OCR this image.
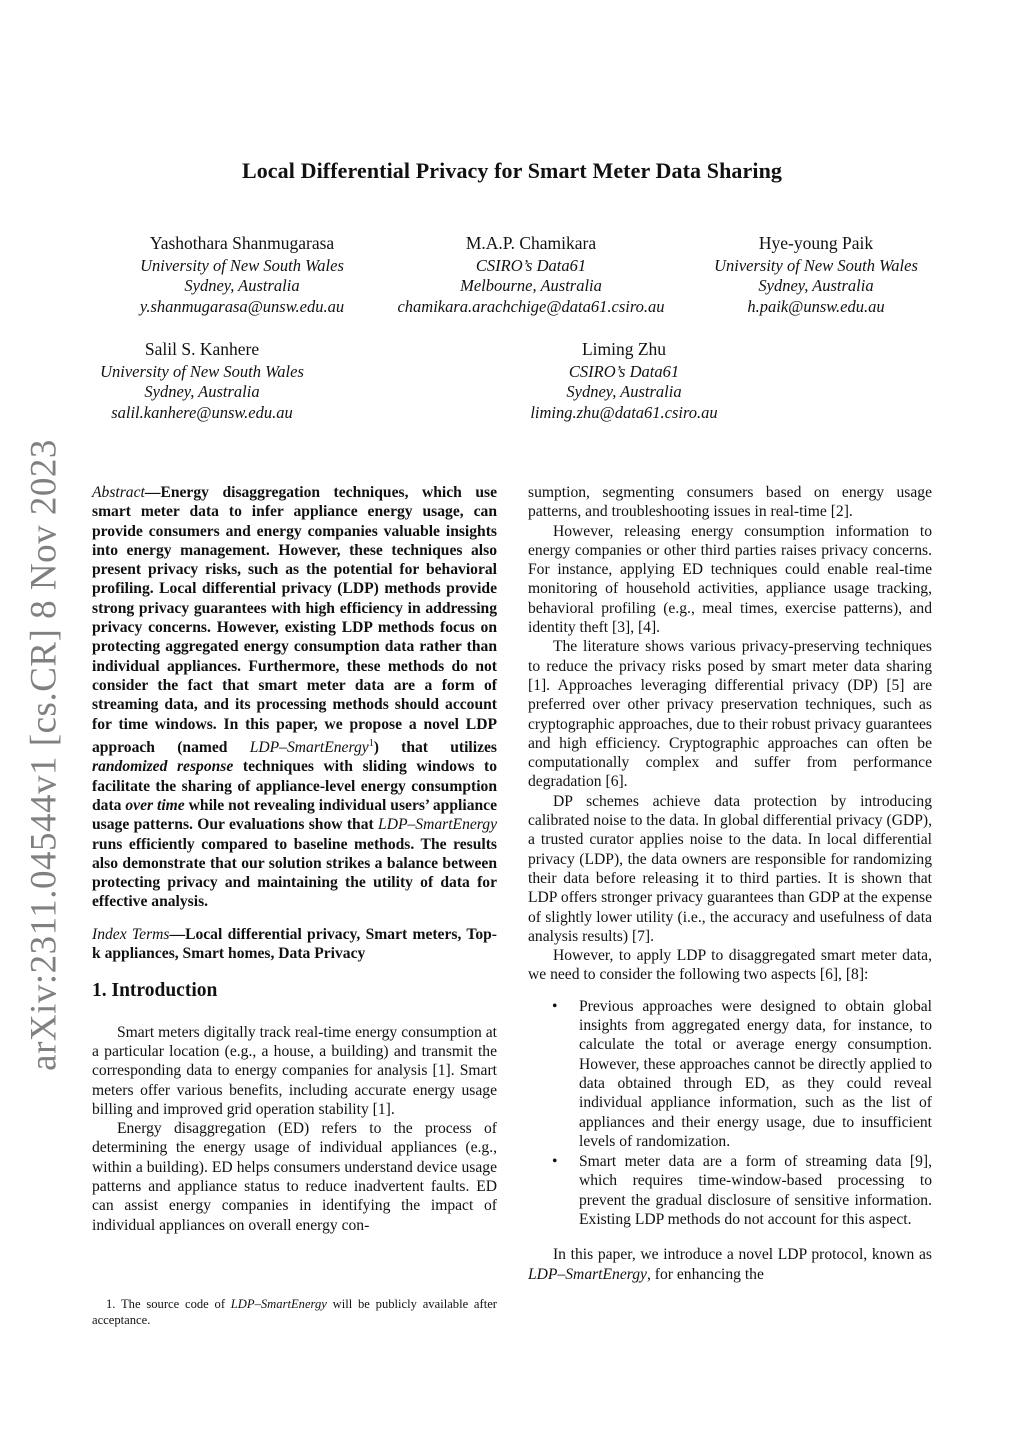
Local Differential Privacy for Smart Meter Data Sharing
Yashothara Shanmugarasa
University of New South Wales
Sydney, Australia
y.shanmugarasa@unsw.edu.au
M.A.P. Chamikara
CSIRO’s Data61
Melbourne, Australia
chamikara.arachchige@data61.csiro.au
Hye-young Paik
University of New South Wales
Sydney, Australia
h.paik@unsw.edu.au
Salil S. Kanhere
University of New South Wales
Sydney, Australia
salil.kanhere@unsw.edu.au
Liming Zhu
CSIRO’s Data61
Sydney, Australia
liming.zhu@data61.csiro.au
arXiv:2311.04544v1 [cs.CR] 8 Nov 2023 Abstract—Energy disaggregation techniques, which use smart meter data to infer appliance energy usage, can provide consumers and energy companies valuable insights into energy management. However, these techniques also present privacy risks, such as the potential for behavioral profiling. Local differential privacy (LDP) methods provide strong privacy guarantees with high efficiency in addressing privacy concerns. However, existing LDP methods focus on protecting aggregated energy consumption data rather than individual appliances. Furthermore, these methods do not consider the fact that smart meter data are a form of streaming data, and its processing methods should account for time windows. In this paper, we propose a novel LDP approach (named LDP–SmartEnergy$^1$) that utilizes randomized response techniques with sliding windows to facilitate the sharing of appliance-level energy consumption data over time while not revealing individual users’ appliance usage patterns. Our evaluations show that LDP–SmartEnergy runs efficiently compared to baseline methods. The results also demonstrate that our solution strikes a balance between protecting privacy and maintaining the utility of data for effective analysis.

Index Terms—Local differential privacy, Smart meters, Top-k appliances, Smart homes, Data Privacy

1. Introduction

Smart meters digitally track real-time energy consumption at a particular location (e.g., a house, a building) and transmit the corresponding data to energy companies for analysis [1]. Smart meters offer various benefits, including accurate energy usage billing and improved grid operation stability [1].

Energy disaggregation (ED) refers to the process of determining the energy usage of individual appliances (e.g., within a building). ED helps consumers understand device usage patterns and appliance status to reduce inadvertent faults. ED can assist energy companies in identifying the impact of individual appliances on overall energy con-

1. The source code of LDP–SmartEnergy will be publicly available after acceptance.

sumption, segmenting consumers based on energy usage patterns, and troubleshooting issues in real-time [2].

However, releasing energy consumption information to energy companies or other third parties raises privacy concerns. For instance, applying ED techniques could enable real-time monitoring of household activities, appliance usage tracking, behavioral profiling (e.g., meal times, exercise patterns), and identity theft [3], [4].

The literature shows various privacy-preserving techniques to reduce the privacy risks posed by smart meter data sharing [1]. Approaches leveraging differential privacy (DP) [5] are preferred over other privacy preservation techniques, such as cryptographic approaches, due to their robust privacy guarantees and high efficiency. Cryptographic approaches can often be computationally complex and suffer from performance degradation [6].

DP schemes achieve data protection by introducing calibrated noise to the data. In global differential privacy (GDP), a trusted curator applies noise to the data. In local differential privacy (LDP), the data owners are responsible for randomizing their data before releasing it to third parties. It is shown that LDP offers stronger privacy guarantees than GDP at the expense of slightly lower utility (i.e., the accuracy and usefulness of data analysis results) [7].

However, to apply LDP to disaggregated smart meter data, we need to consider the following two aspects [6], [8]:

• Previous approaches were designed to obtain global insights from aggregated energy data, for instance, to calculate the total or average energy consumption. However, these approaches cannot be directly applied to data obtained through ED, as they could reveal individual appliance information, such as the list of appliances and their energy usage, due to insufficient levels of randomization.
• Smart meter data are a form of streaming data [9], which requires time-window-based processing to prevent the gradual disclosure of sensitive information. Existing LDP methods do not account for this aspect.

In this paper, we introduce a novel LDP protocol, known as LDP–SmartEnergy, for enhancing the
